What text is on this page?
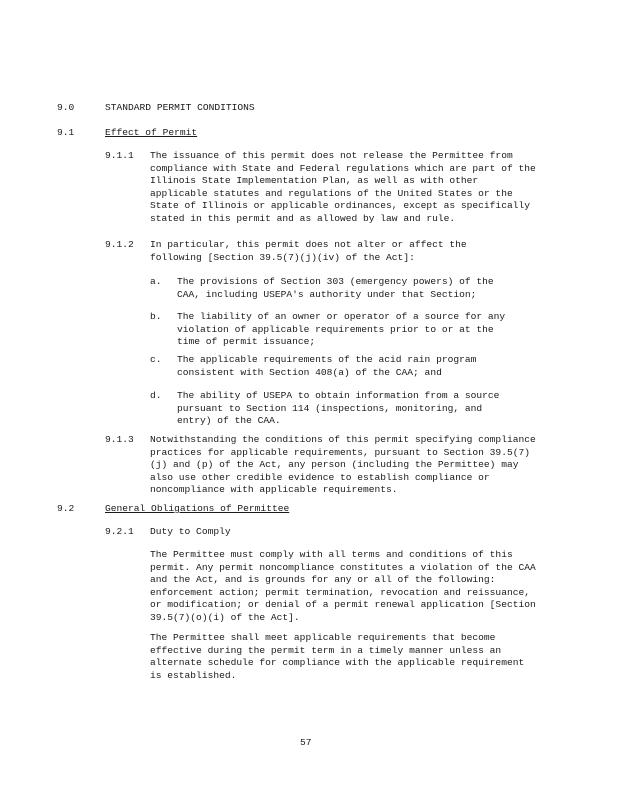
9.0	STANDARD PERMIT CONDITIONS
9.1	Effect of Permit
9.1.1 The issuance of this permit does not release the Permittee from compliance with State and Federal regulations which are part of the Illinois State Implementation Plan, as well as with other applicable statutes and regulations of the United States or the State of Illinois or applicable ordinances, except as specifically stated in this permit and as allowed by law and rule.
9.1.2 In particular, this permit does not alter or affect the following [Section 39.5(7)(j)(iv) of the Act]:
a. The provisions of Section 303 (emergency powers) of the CAA, including USEPA's authority under that Section;
b. The liability of an owner or operator of a source for any violation of applicable requirements prior to or at the time of permit issuance;
c. The applicable requirements of the acid rain program consistent with Section 408(a) of the CAA; and
d. The ability of USEPA to obtain information from a source pursuant to Section 114 (inspections, monitoring, and entry) of the CAA.
9.1.3 Notwithstanding the conditions of this permit specifying compliance practices for applicable requirements, pursuant to Section 39.5(7)(j) and (p) of the Act, any person (including the Permittee) may also use other credible evidence to establish compliance or noncompliance with applicable requirements.
9.2	General Obligations of Permittee
9.2.1 Duty to Comply
The Permittee must comply with all terms and conditions of this permit. Any permit noncompliance constitutes a violation of the CAA and the Act, and is grounds for any or all of the following: enforcement action; permit termination, revocation and reissuance, or modification; or denial of a permit renewal application [Section 39.5(7)(o)(i) of the Act].
The Permittee shall meet applicable requirements that become effective during the permit term in a timely manner unless an alternate schedule for compliance with the applicable requirement is established.
57
